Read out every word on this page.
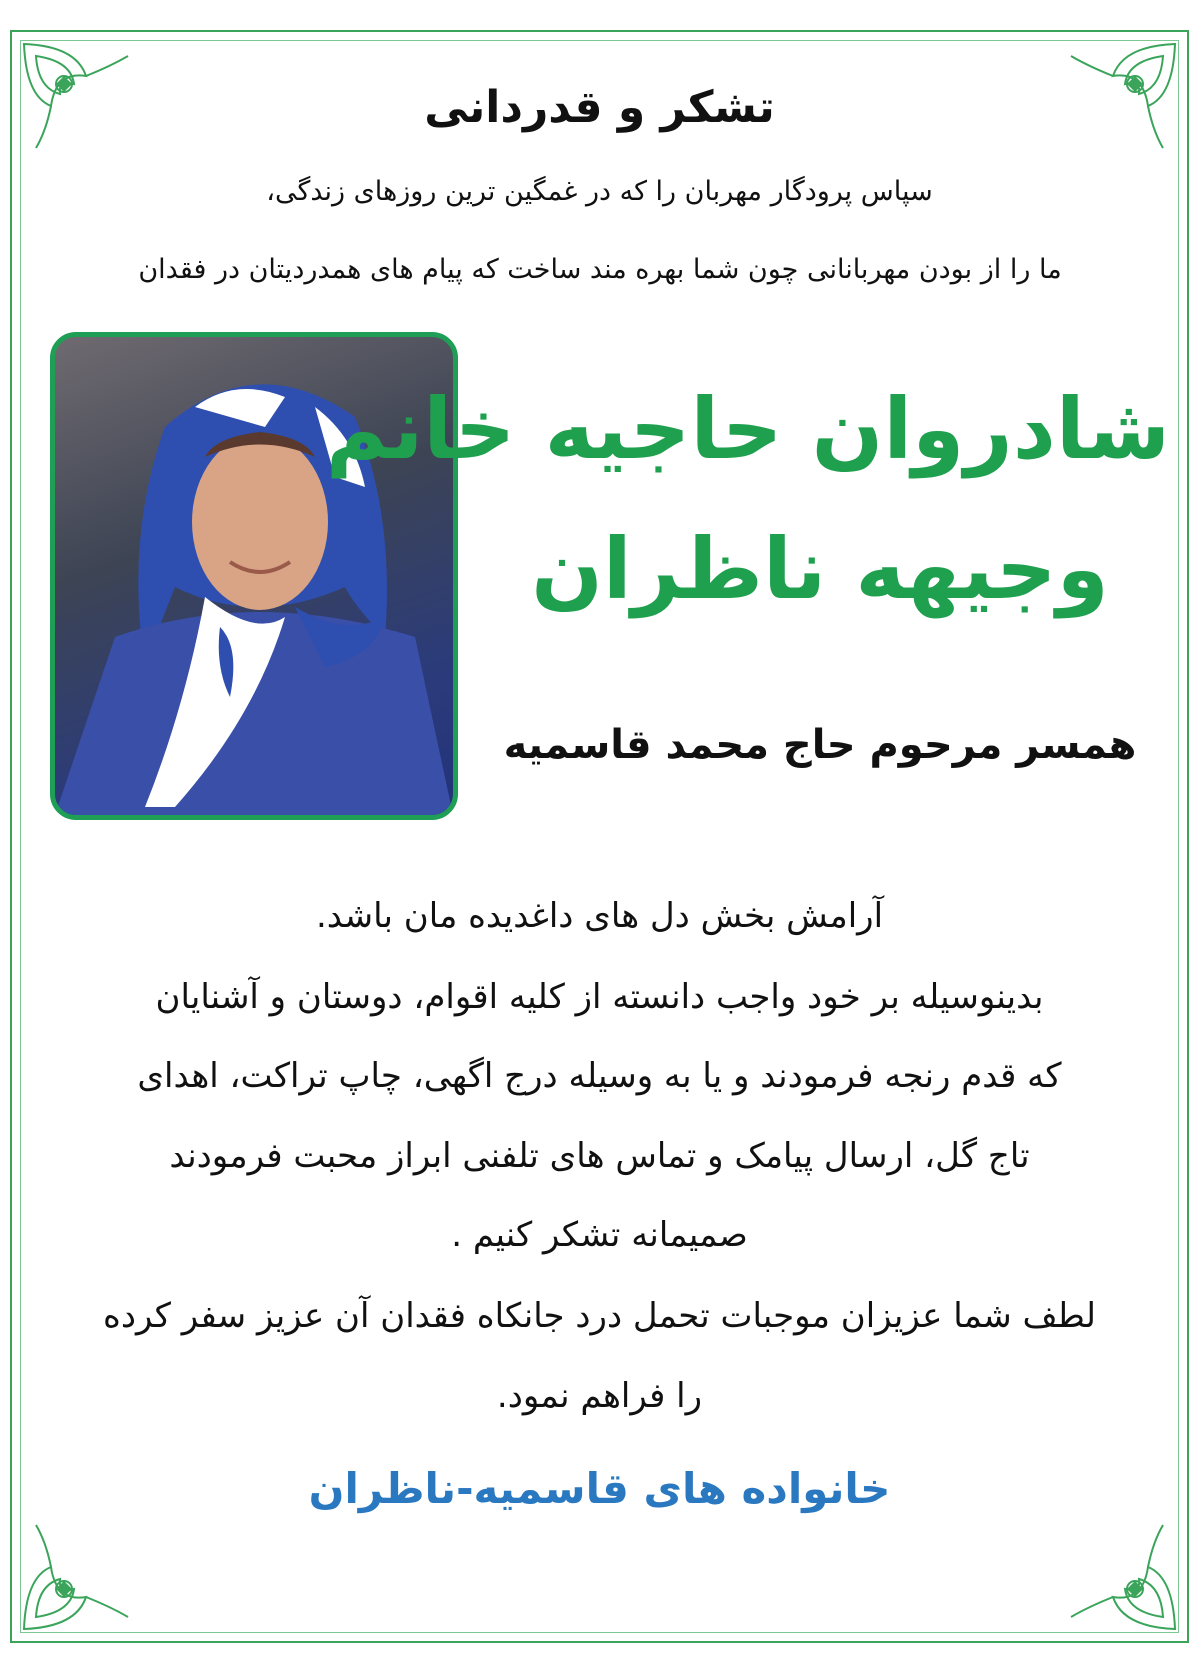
تشکر و قدردانی
سپاس پرودگار مهربان را که در غمگین ترین روزهای زندگی،
ما را از بودن مهربانانی چون شما بهره مند ساخت که پیام های همدردیتان در فقدان
شادروان حاجیه خانم
وجیهه ناظران
همسر مرحوم حاج محمد قاسمیه
آرامش بخش دل های داغدیده مان باشد.
بدینوسیله بر خود واجب دانسته از کلیه اقوام، دوستان و آشنایان
که قدم رنجه فرمودند و یا به وسیله درج اگهی، چاپ تراکت، اهدای
تاج گل، ارسال پیامک و تماس های تلفنی ابراز محبت فرمودند
صمیمانه تشکر کنیم .
لطف شما عزیزان موجبات تحمل درد جانکاه فقدان آن عزیز سفر کرده
را فراهم نمود.
خانواده های قاسمیه-ناظران
